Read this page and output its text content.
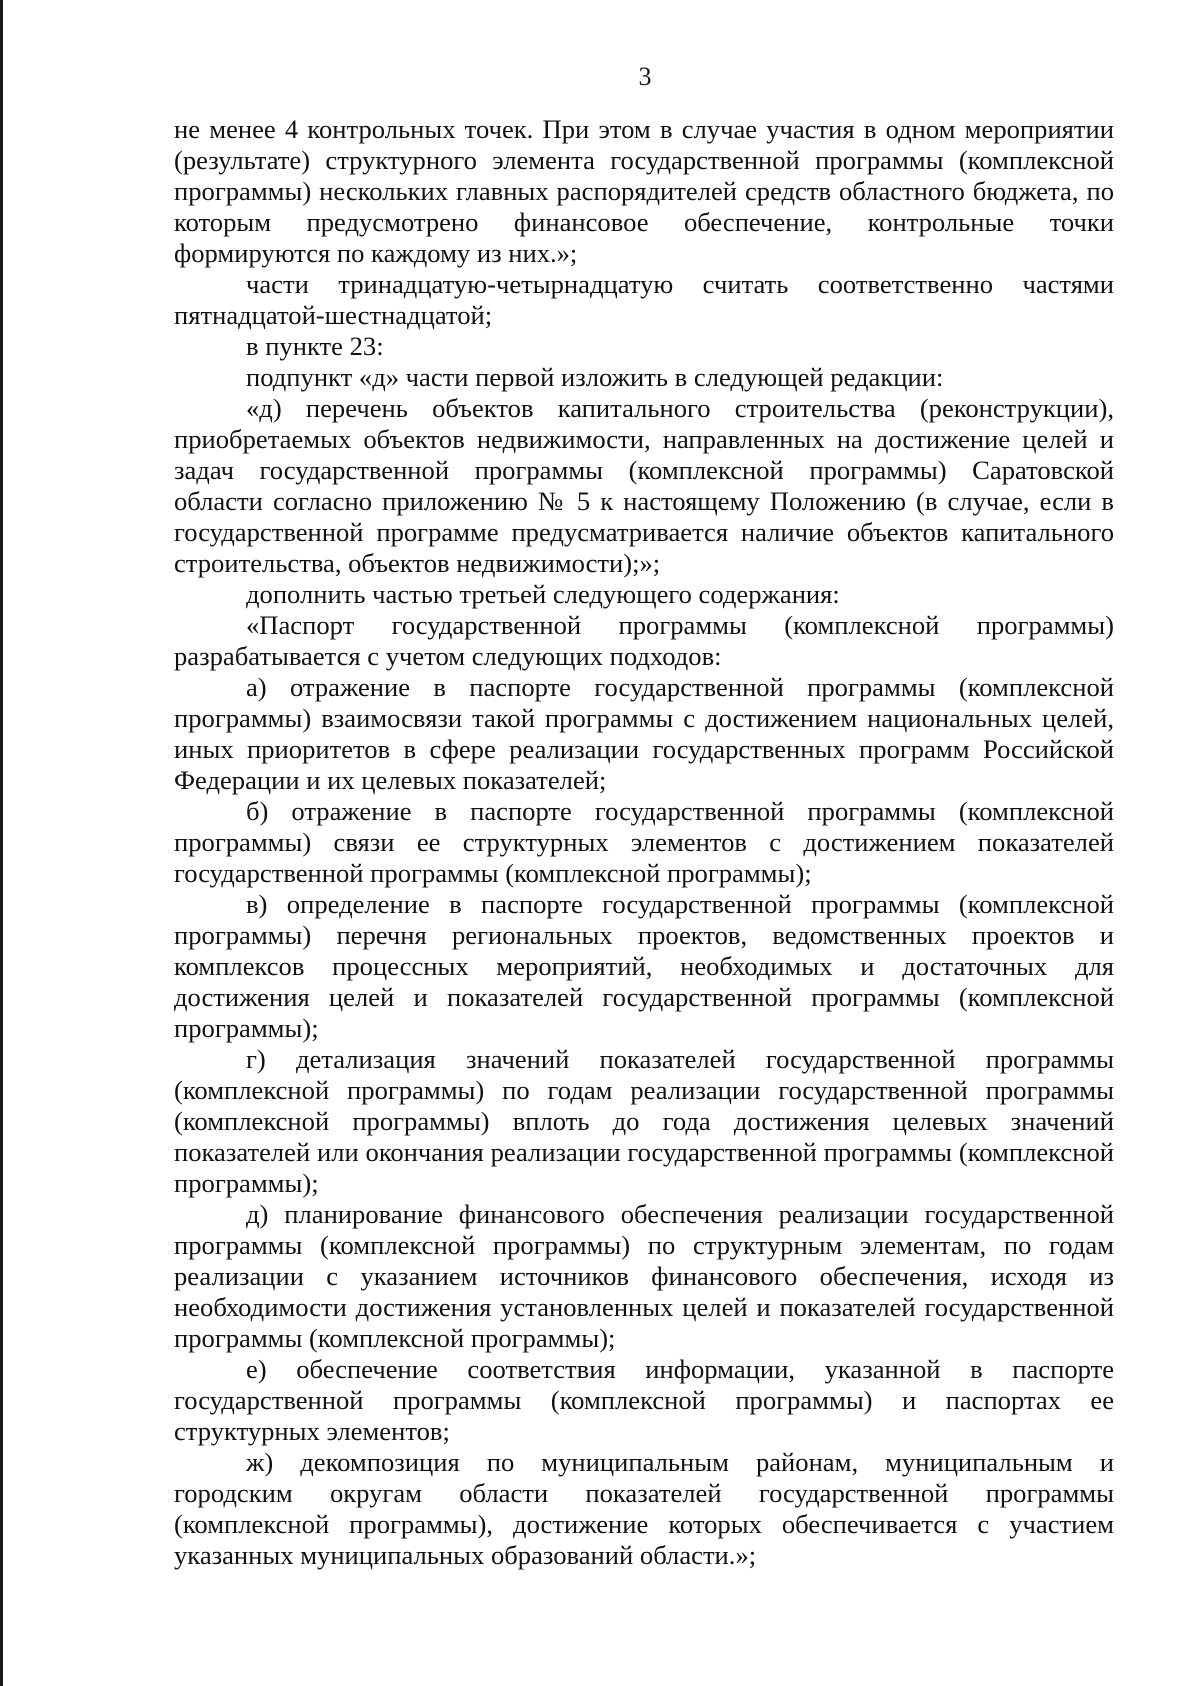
3

не менее 4 контрольных точек. При этом в случае участия в одном мероприятии (результате) структурного элемента государственной программы (комплексной программы) нескольких главных распорядителей средств областного бюджета, по которым предусмотрено финансовое обеспечение, контрольные точки формируются по каждому из них.»;

части тринадцатую-четырнадцатую считать соответственно частями пятнадцатой-шестнадцатой;

в пункте 23:

подпункт «д» части первой изложить в следующей редакции:

«д) перечень объектов капитального строительства (реконструкции), приобретаемых объектов недвижимости, направленных на достижение целей и задач государственной программы (комплексной программы) Саратовской области согласно приложению № 5 к настоящему Положению (в случае, если в государственной программе предусматривается наличие объектов капитального строительства, объектов недвижимости);»;

дополнить частью третьей следующего содержания:

«Паспорт государственной программы (комплексной программы) разрабатывается с учетом следующих подходов:

а) отражение в паспорте государственной программы (комплексной программы) взаимосвязи такой программы с достижением национальных целей, иных приоритетов в сфере реализации государственных программ Российской Федерации и их целевых показателей;

б) отражение в паспорте государственной программы (комплексной программы) связи ее структурных элементов с достижением показателей государственной программы (комплексной программы);

в) определение в паспорте государственной программы (комплексной программы) перечня региональных проектов, ведомственных проектов и комплексов процессных мероприятий, необходимых и достаточных для достижения целей и показателей государственной программы (комплексной программы);

г) детализация значений показателей государственной программы (комплексной программы) по годам реализации государственной программы (комплексной программы) вплоть до года достижения целевых значений показателей или окончания реализации государственной программы (комплексной программы);

д) планирование финансового обеспечения реализации государственной программы (комплексной программы) по структурным элементам, по годам реализации с указанием источников финансового обеспечения, исходя из необходимости достижения установленных целей и показателей государственной программы (комплексной программы);

е) обеспечение соответствия информации, указанной в паспорте государственной программы (комплексной программы) и паспортах ее структурных элементов;

ж) декомпозиция по муниципальным районам, муниципальным и городским округам области показателей государственной программы (комплексной программы), достижение которых обеспечивается с участием указанных муниципальных образований области.»;
